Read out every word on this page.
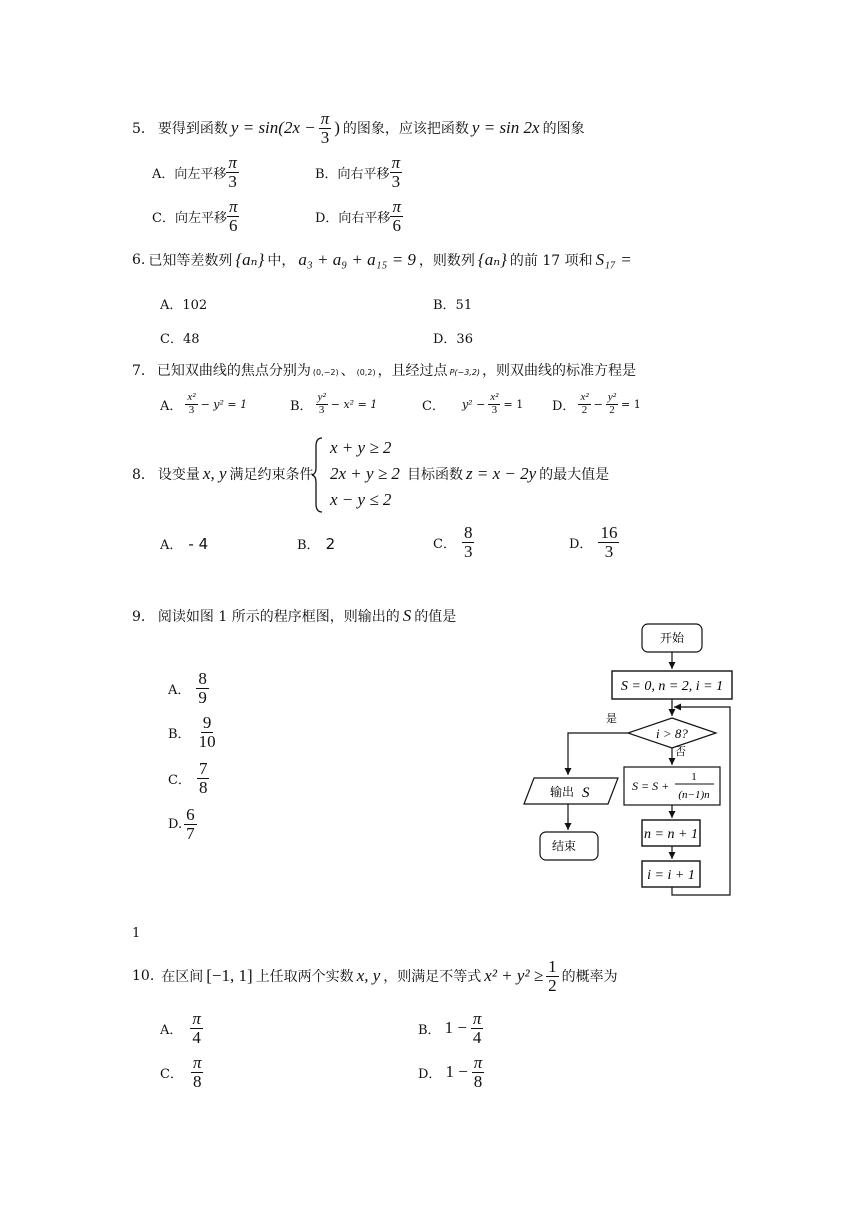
5． 要得到函数 $y = \sin(2x - \frac{\pi}{3}$ ) 的图象，应该把函数 y = sin 2x 的图象
A．向左平移 $\frac{\pi}{3}$	B．向右平移 $\frac{\pi}{3}$
C．向左平移 $\frac{\pi}{6}$	D．向右平移 $\frac{\pi}{6}$
6. 已知等差数列 {aₙ} 中， a₃ + a₉ + a₁₅ = 9 ，则数列 {aₙ} 的前 17 项和 S₁₇ =
A．102	B．51
C．48	D．36
7． 已知双曲线的焦点分别为 (0,−2) 、 (0,2) ，且经过点 P(−3,2) ，则双曲线的标准方程是
A． $\frac{\text{x²}}{3} - y^2 = 1$	B． $\frac{\text{y²}}{3} - x^2 = 1$	C． $y^2 - \frac{\text{x²}}{3} = 1$ D． $\frac{\text{x²}}{2} - \frac{\text{y²}}{2} = 1$
8． 设变量 x, y 满足约束条件
x + y ≥ 2
2x + y ≥ 2
x − y ≤ 2
目标函数 z = x − 2y 的最大值是
A． - 4	B． 2	C． $\frac{8}{3}$	D． $\frac{16}{3}$
9． 阅读如图 1 所示的程序框图，则输出的 S 的值是
A． $\frac{8}{9}$
B． $\frac{9}{10}$
C． $\frac{7}{8}$
D. $\frac{6}{7}$
开始
S = 0, n = 2, i = 1
i > 8?
是
否
S = S +
1
(n−1)n
n = n + 1
i = i + 1
输出 S
结束
1
10. 在区间 [−1, 1] 上任取两个实数 x, y ，则满足不等式 $x^2 + y^2 \ge \frac{1}{2}$ 的概率为
A． $\frac{\pi}{4}$	B． $1 - \frac{\pi}{4}$
C． $\frac{\pi}{8}$	D． $1 - \frac{\pi}{8}$
